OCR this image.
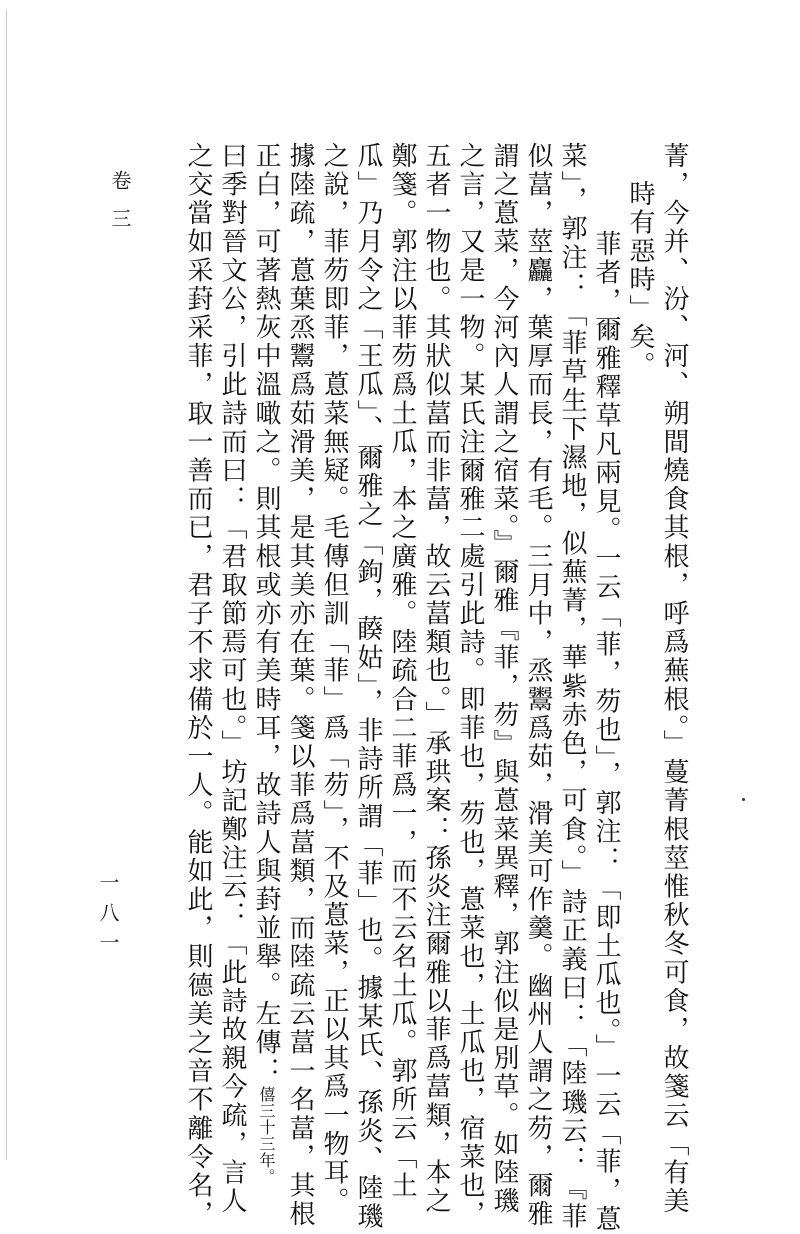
菁，今并、汾、河、朔間燒食其根，呼爲蕪根。」蔓菁根莖惟秋冬可食，故箋云「有美

時有惡時」矣。

菲者，爾雅釋草凡兩見。一云「菲，芴也」，郭注：「即土瓜也。」一云「菲，蒠

菜」，郭注：「菲草生下濕地，似蕪菁，華紫赤色，可食。」詩正義曰：「陸璣云：『菲

似葍，莖麤，葉厚而長，有毛。三月中，烝鬻爲茹，滑美可作羹。幽州人謂之芴，爾雅

謂之蒠菜，今河內人謂之宿菜。』爾雅『菲，芴』與蒠菜異釋，郭注似是別草。如陸璣

之言，又是一物。某氏注爾雅二處引此詩。即菲也，芴也，蒠菜也，土瓜也，宿菜也，

五者一物也。其狀似葍而非葍，故云葍類也。」承珙案：孫炎注爾雅以菲爲葍類，本之

鄭箋。郭注以菲芴爲土瓜，本之廣雅。陸疏合二菲爲一，而不云名土瓜。郭所云「土

瓜」乃月令之「王瓜」、爾雅之「鉤，藈姑」，非詩所謂「菲」也。據某氏、孫炎、陸璣

之說，菲芴即菲，蒠菜無疑。毛傳但訓「菲」爲「芴」，不及蒠菜，正以其爲一物耳。

據陸疏，蒠葉烝鬻爲茹滑美，是其美亦在葉。箋以菲爲葍類，而陸疏云葍一名葍，其根

正白，可著熱灰中溫噉之。則其根或亦有美時耳，故詩人與葑並舉。左傳：僖三十三年。

曰季對晉文公，引此詩而曰：「君取節焉可也。」坊記鄭注云：「此詩故親今疏，言人

之交當如采葑采菲，取一善而已，君子不求備於一人。能如此，則德美之音不離令名，

卷三

一八一
